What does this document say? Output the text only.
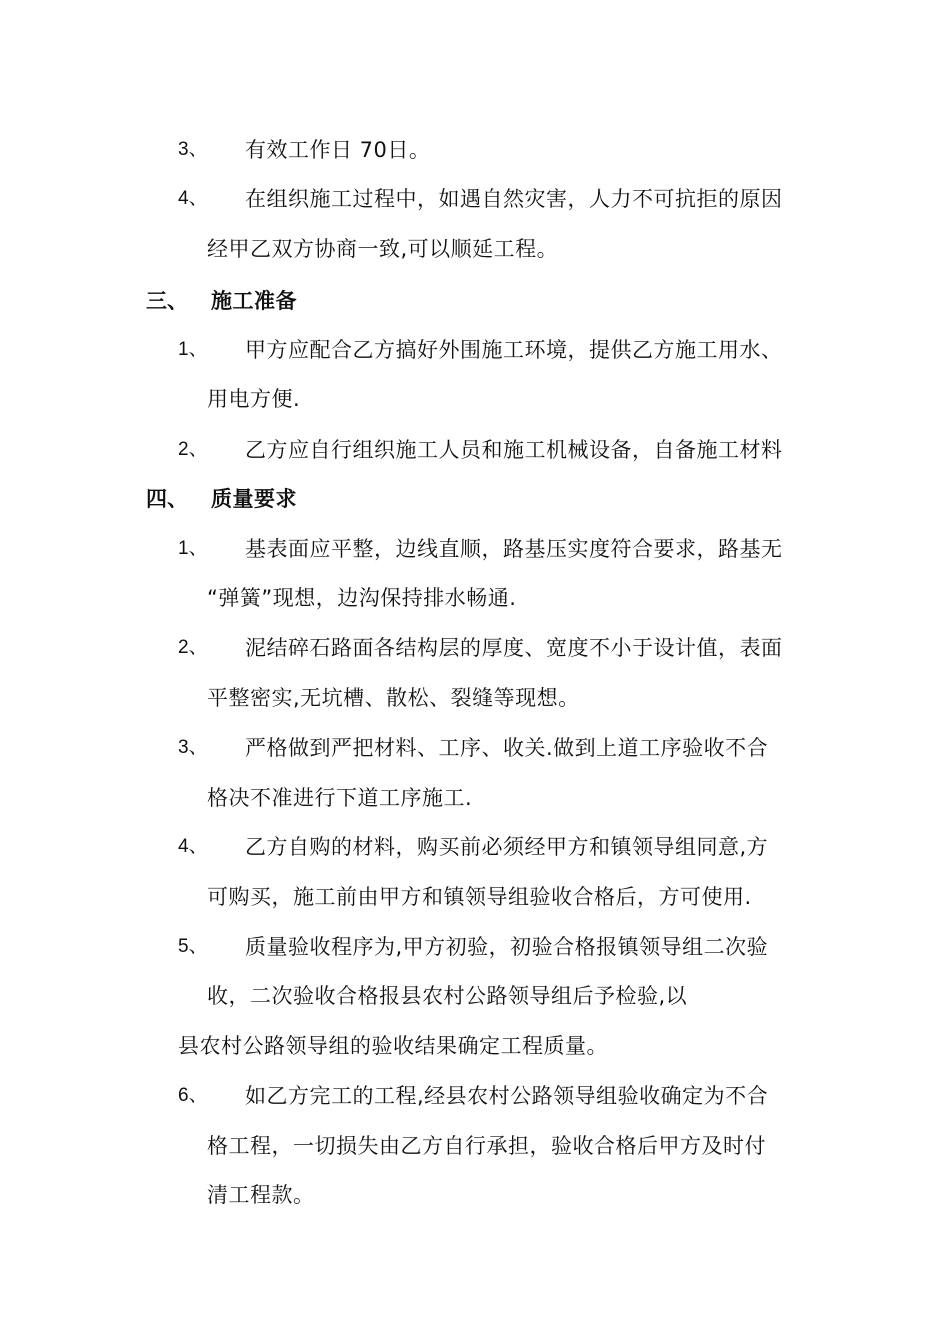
3、 有效工作日 70日。
4、 在组织施工过程中，如遇自然灾害，人力不可抗拒的原因
经甲乙双方协商一致,可以顺延工程。
三、 施工准备
1、 甲方应配合乙方搞好外围施工环境，提供乙方施工用水、
用电方便.
2、 乙方应自行组织施工人员和施工机械设备，自备施工材料
四、 质量要求
1、 基表面应平整，边线直顺，路基压实度符合要求，路基无
“弹簧”现想，边沟保持排水畅通.
2、 泥结碎石路面各结构层的厚度、宽度不小于设计值，表面
平整密实,无坑槽、散松、裂缝等现想。
3、 严格做到严把材料、工序、收关.做到上道工序验收不合
格决不准进行下道工序施工.
4、 乙方自购的材料，购买前必须经甲方和镇领导组同意,方
可购买，施工前由甲方和镇领导组验收合格后，方可使用.
5、 质量验收程序为,甲方初验，初验合格报镇领导组二次验
收，二次验收合格报县农村公路领导组后予检验,以
县农村公路领导组的验收结果确定工程质量。
6、 如乙方完工的工程,经县农村公路领导组验收确定为不合
格工程，一切损失由乙方自行承担，验收合格后甲方及时付
清工程款。
